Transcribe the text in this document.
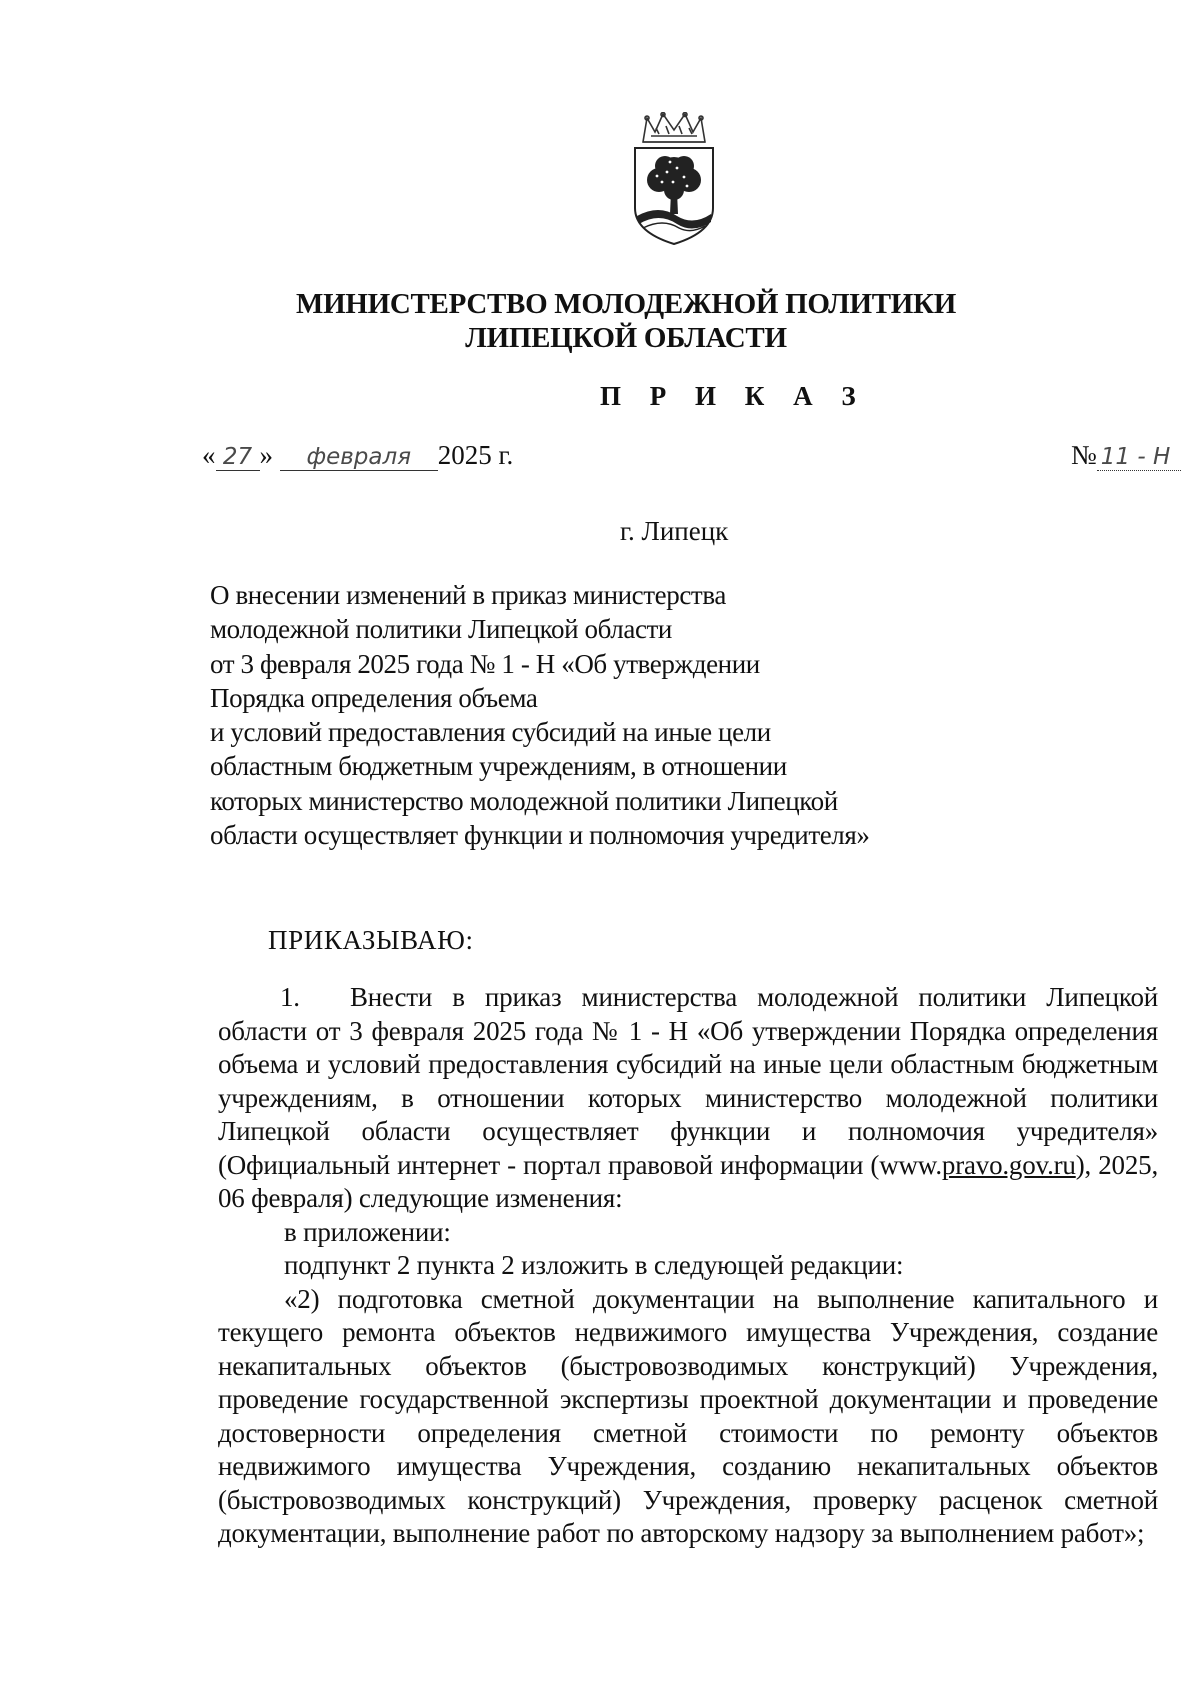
МИНИСТЕРСТВО МОЛОДЕЖНОЙ ПОЛИТИКИ
ЛИПЕЦКОЙ ОБЛАСТИ
П Р И К А З
« 27 » февраля 2025 г.	№ 11 - Н
г. Липецк
О внесении изменений в приказ министерства
молодежной политики Липецкой области
от 3 февраля 2025 года № 1 - Н «Об утверждении
Порядка определения объема
и условий предоставления субсидий на иные цели
областным бюджетным учреждениям, в отношении
которых министерство молодежной политики Липецкой
области осуществляет функции и полномочия учредителя»
ПРИКАЗЫВАЮ:

1. Внести в приказ министерства молодежной политики Липецкой области от 3 февраля 2025 года № 1 - Н «Об утверждении Порядка определения объема и условий предоставления субсидий на иные цели областным бюджетным учреждениям, в отношении которых министерство молодежной политики Липецкой области осуществляет функции и полномочия учредителя» (Официальный интернет - портал правовой информации (www.pravo.gov.ru), 2025, 06 февраля) следующие изменения:

в приложении:

подпункт 2 пункта 2 изложить в следующей редакции:

«2) подготовка сметной документации на выполнение капитального и текущего ремонта объектов недвижимого имущества Учреждения, создание некапитальных объектов (быстровозводимых конструкций) Учреждения, проведение государственной экспертизы проектной документации и проведение достоверности определения сметной стоимости по ремонту объектов недвижимого имущества Учреждения, созданию некапитальных объектов (быстровозводимых конструкций) Учреждения, проверку расценок сметной документации, выполнение работ по авторскому надзору за выполнением работ»;
